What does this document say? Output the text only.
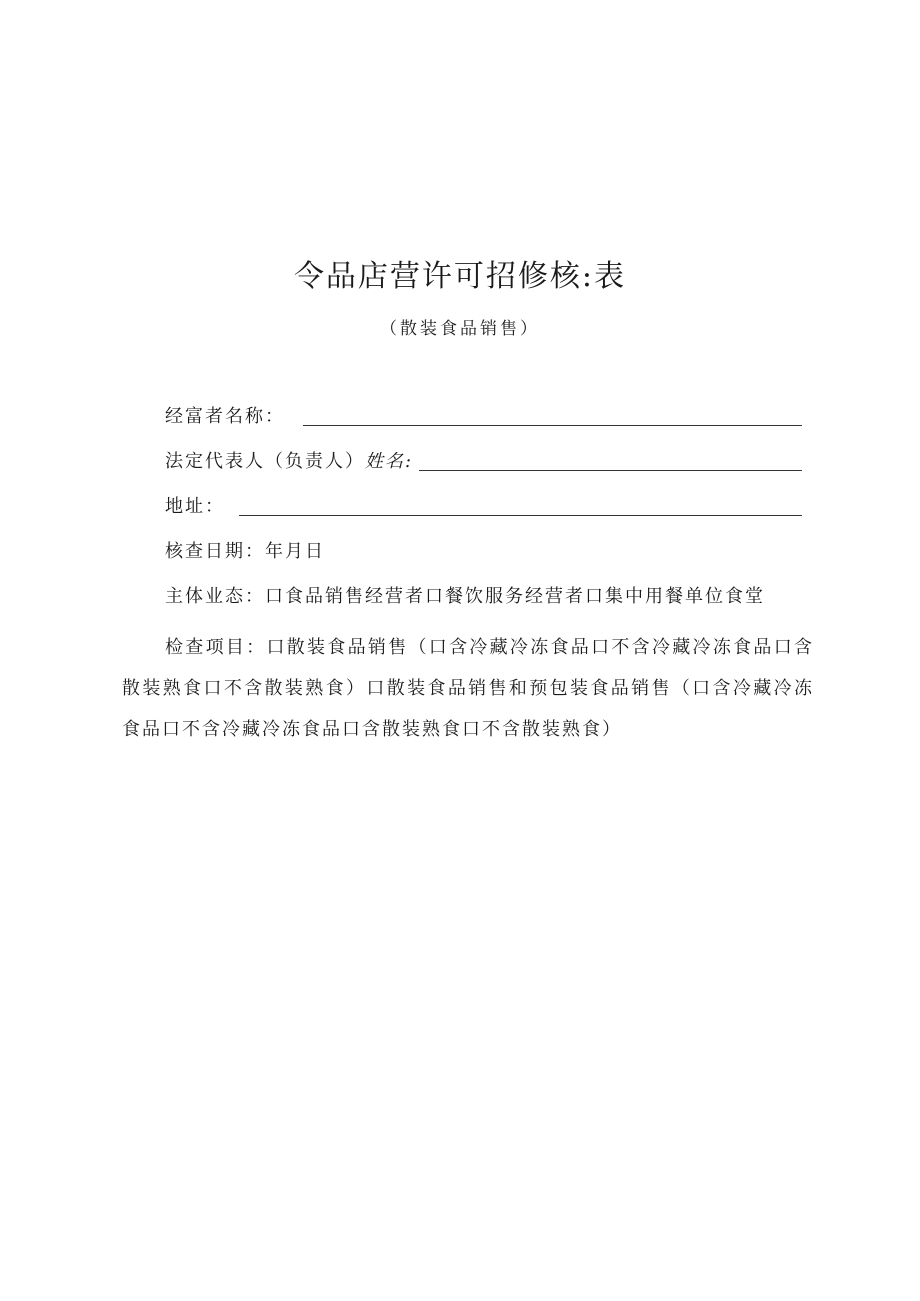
令品店营许可招修核:表
（散装食品销售）
经富者名称：
法定代表人（负责人） 姓名:
地址：
核查日期：年月日
主体业态： 口食品销售经营者口餐饮服务经营者口集中用餐单位食堂
检查项目：口散装食品销售（口含冷藏冷冻食品口不含冷藏冷冻食品口含散装熟食口不含散装熟食）口散装食品销售和预包装食品销售（口含冷藏冷冻食品口不含冷藏冷冻食品口含散装熟食口不含散装熟食）
